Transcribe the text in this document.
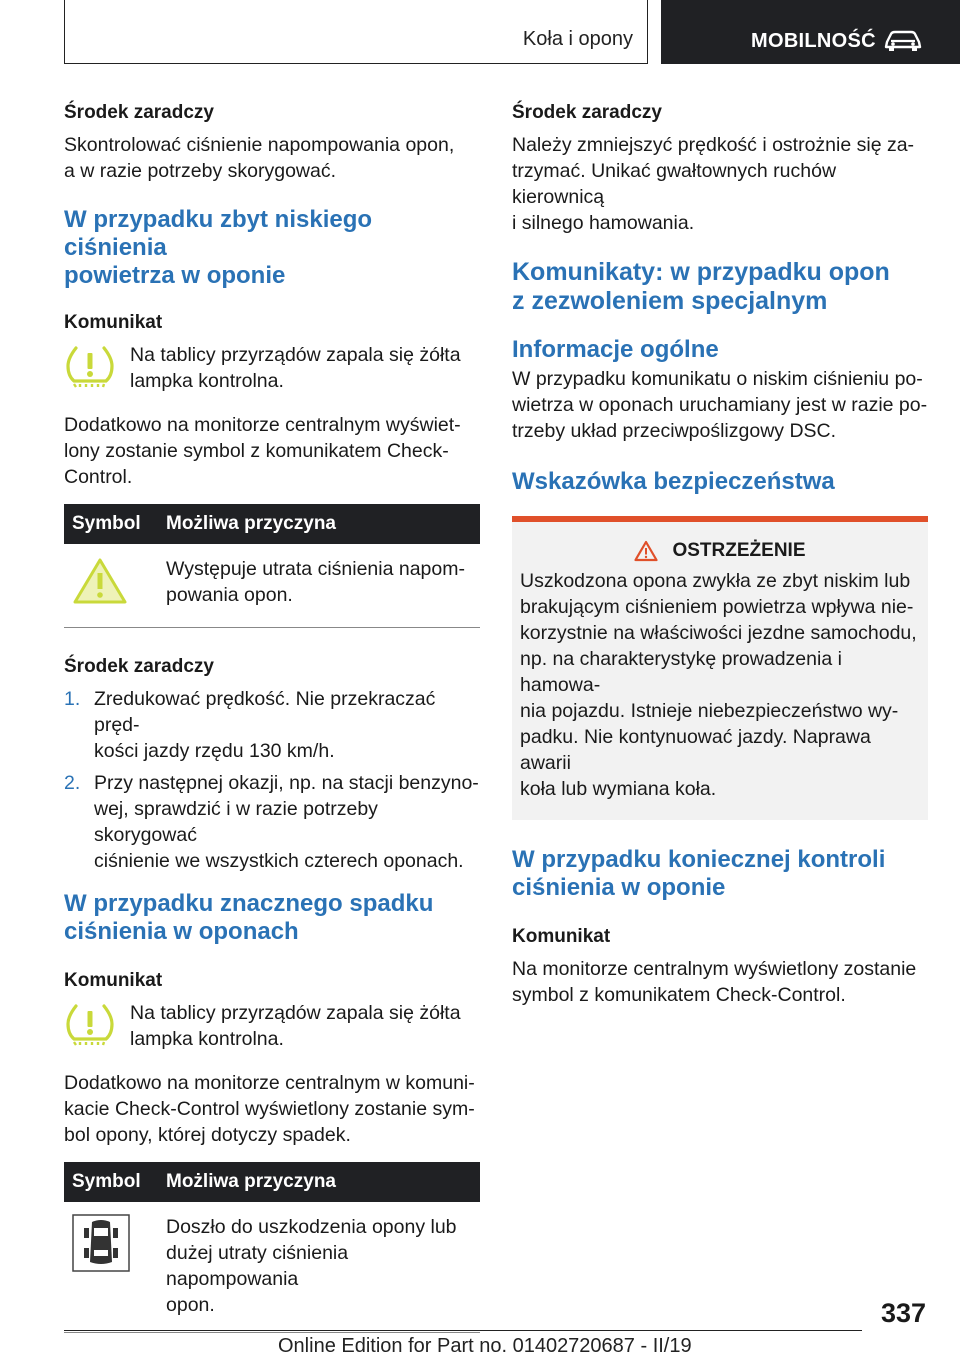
Koła i opony	MOBILNOŚĆ
Środek zaradczy

Skontrolować ciśnienie napompowania opon,
a w razie potrzeby skorygować.

W przypadku zbyt niskiego ciśnienia
powietrza w oponie
Komunikat

Na tablicy przyrządów zapala się żółta
lampka kontrolna.

Dodatkowo na monitorze centralnym wyświet-
lony zostanie symbol z komunikatem Check-
Control.

Symbol	Możliwa przyczyna
	Występuje utrata ciśnienia napom-
powania opon.
Środek zaradczy
1. Zredukować prędkość. Nie przekraczać pręd-
kości jazdy rzędu 130 km/h.
2. Przy następnej okazji, np. na stacji benzyno-
wej, sprawdzić i w razie potrzeby skorygować
ciśnienie we wszystkich czterech oponach.
W przypadku znacznego spadku
ciśnienia w oponach
Komunikat

Na tablicy przyrządów zapala się żółta
lampka kontrolna.

Dodatkowo na monitorze centralnym w komuni-
kacie Check-Control wyświetlony zostanie sym-
bol opony, której dotyczy spadek.

Symbol	Możliwa przyczyna
	Doszło do uszkodzenia opony lub
dużej utraty ciśnienia napompowania
opon.
Środek zaradczy

Należy zmniejszyć prędkość i ostrożnie się za-
trzymać. Unikać gwałtownych ruchów kierownicą
i silnego hamowania.

Komunikaty: w przypadku opon
z zezwoleniem specjalnym
Informacje ogólne

W przypadku komunikatu o niskim ciśnieniu po-
wietrza w oponach uruchamiany jest w razie po-
trzeby układ przeciwpoślizgowy DSC.

Wskazówka bezpieczeństwa
OSTRZEŻENIE

Uszkodzona opona zwykła ze zbyt niskim lub
brakującym ciśnieniem powietrza wpływa nie-
korzystnie na właściwości jezdne samochodu,
np. na charakterystykę prowadzenia i hamowa-
nia pojazdu. Istnieje niebezpieczeństwo wy-
padku. Nie kontynuować jazdy. Naprawa awarii
koła lub wymiana koła.

W przypadku koniecznej kontroli
ciśnienia w oponie
Komunikat

Na monitorze centralnym wyświetlony zostanie
symbol z komunikatem Check-Control.

337
Online Edition for Part no. 01402720687 - II/19
